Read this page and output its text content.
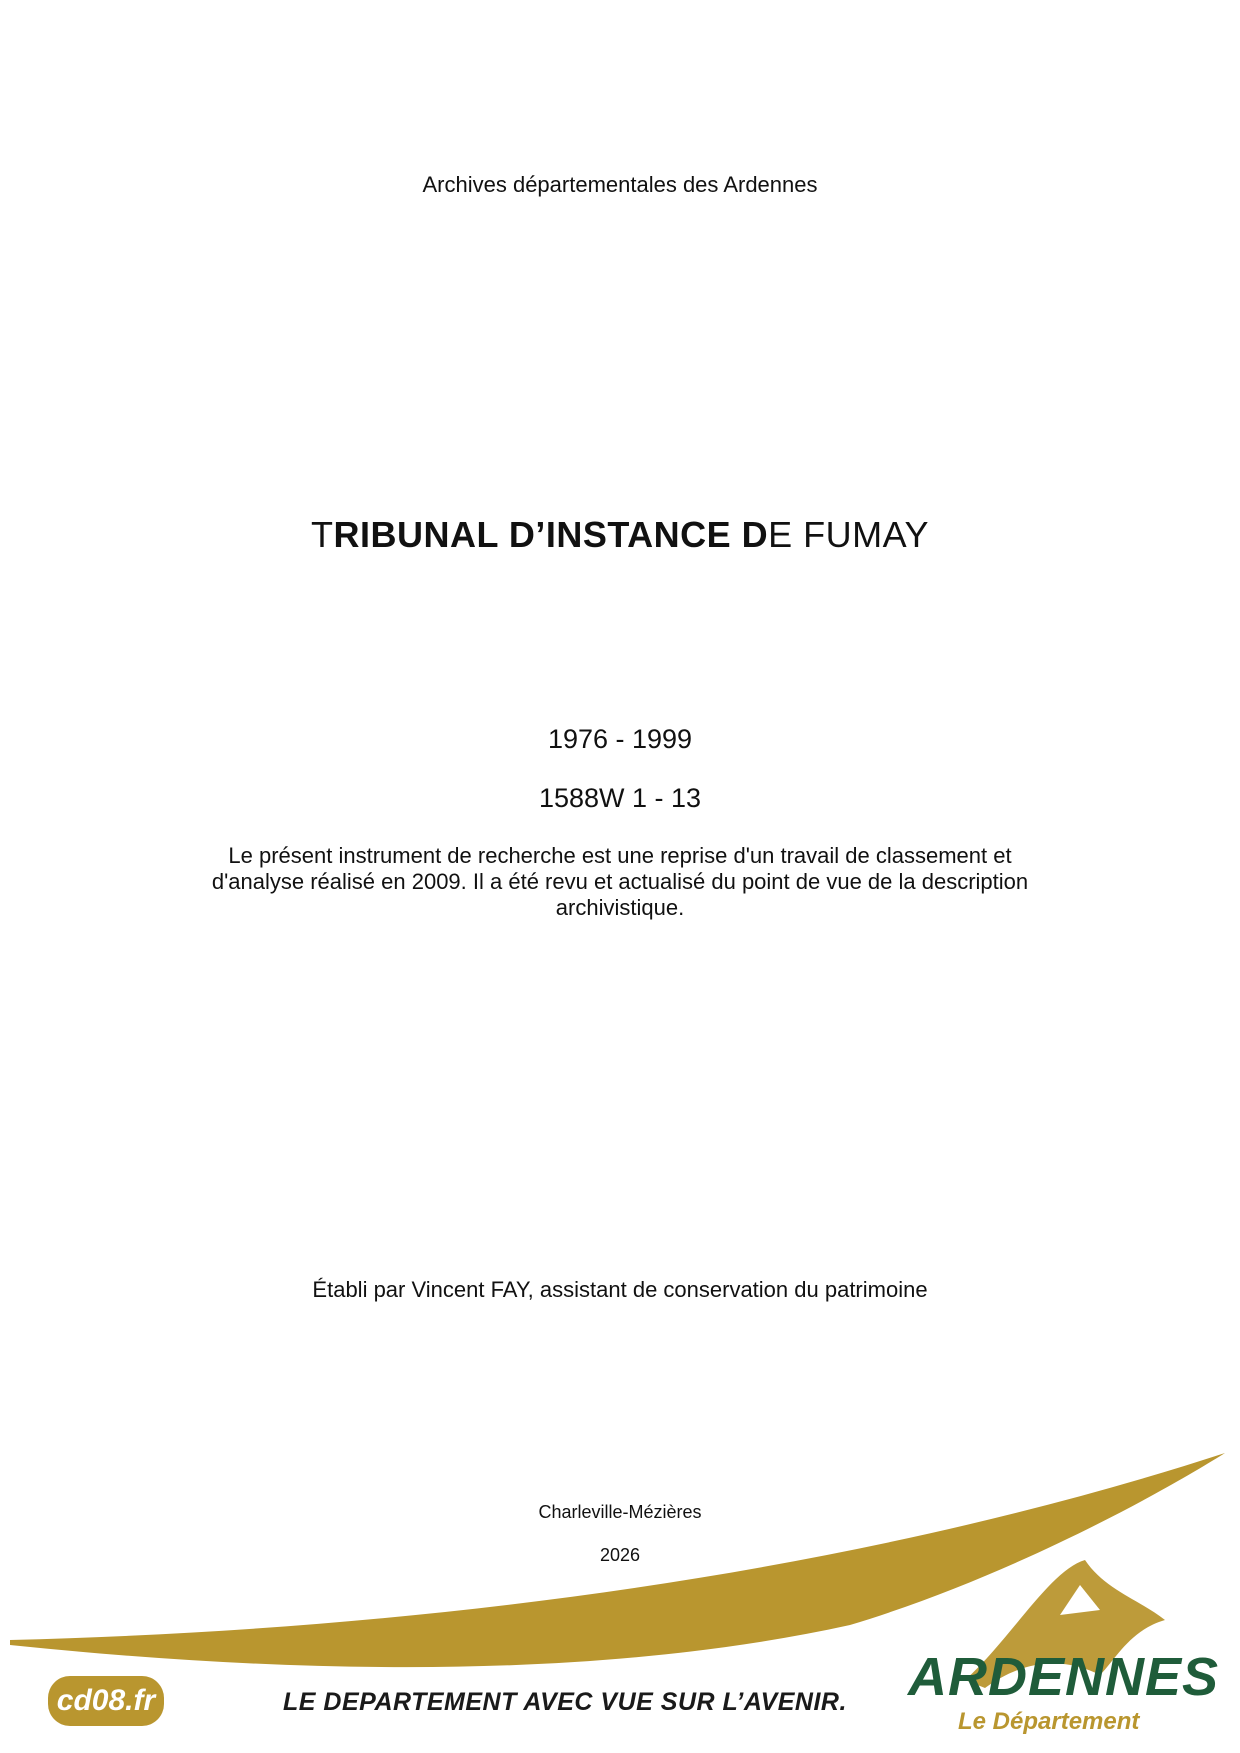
Archives départementales des Ardennes
TRIBUNAL D’INSTANCE DE FUMAY
1976 - 1999
1588W 1 - 13
Le présent instrument de recherche est une reprise d'un travail de classement et d'analyse réalisé en 2009. Il a été revu et actualisé du point de vue de la description archivistique.
Établi par Vincent FAY, assistant de conservation du patrimoine
Charleville-Mézières
2026
cd08.fr	LE DEPARTEMENT AVEC VUE SUR L’AVENIR. ARDENNES
Le Département
